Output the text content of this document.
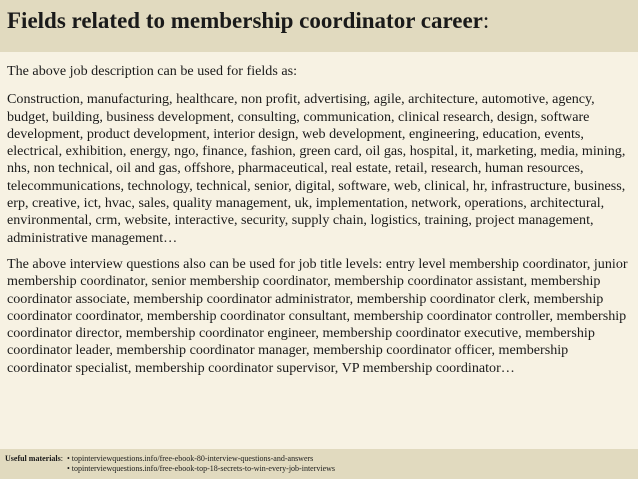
Fields related to membership coordinator career:

The above job description can be used for fields as:

Construction, manufacturing, healthcare, non profit, advertising, agile, architecture, automotive, agency, budget, building, business development, consulting, communication, clinical research, design, software development, product development, interior design, web development, engineering, education, events, electrical, exhibition, energy, ngo, finance, fashion, green card, oil gas, hospital, it, marketing, media, mining, nhs, non technical, oil and gas, offshore, pharmaceutical, real estate, retail, research, human resources, telecommunications, technology, technical, senior, digital, software, web, clinical, hr, infrastructure, business, erp, creative, ict, hvac, sales, quality management, uk, implementation, network, operations, architectural, environmental, crm, website, interactive, security, supply chain, logistics, training, project management, administrative management…

The above interview questions also can be used for job title levels: entry level membership coordinator, junior membership coordinator, senior membership coordinator, membership coordinator assistant, membership coordinator associate, membership coordinator administrator, membership coordinator clerk, membership coordinator coordinator, membership coordinator consultant, membership coordinator controller, membership coordinator director, membership coordinator engineer, membership coordinator executive, membership coordinator leader, membership coordinator manager, membership coordinator officer, membership coordinator specialist, membership coordinator supervisor, VP membership coordinator…

Useful materials: • topinterviewquestions.info/free-ebook-80-interview-questions-and-answers
• topinterviewquestions.info/free-ebook-top-18-secrets-to-win-every-job-interviews
